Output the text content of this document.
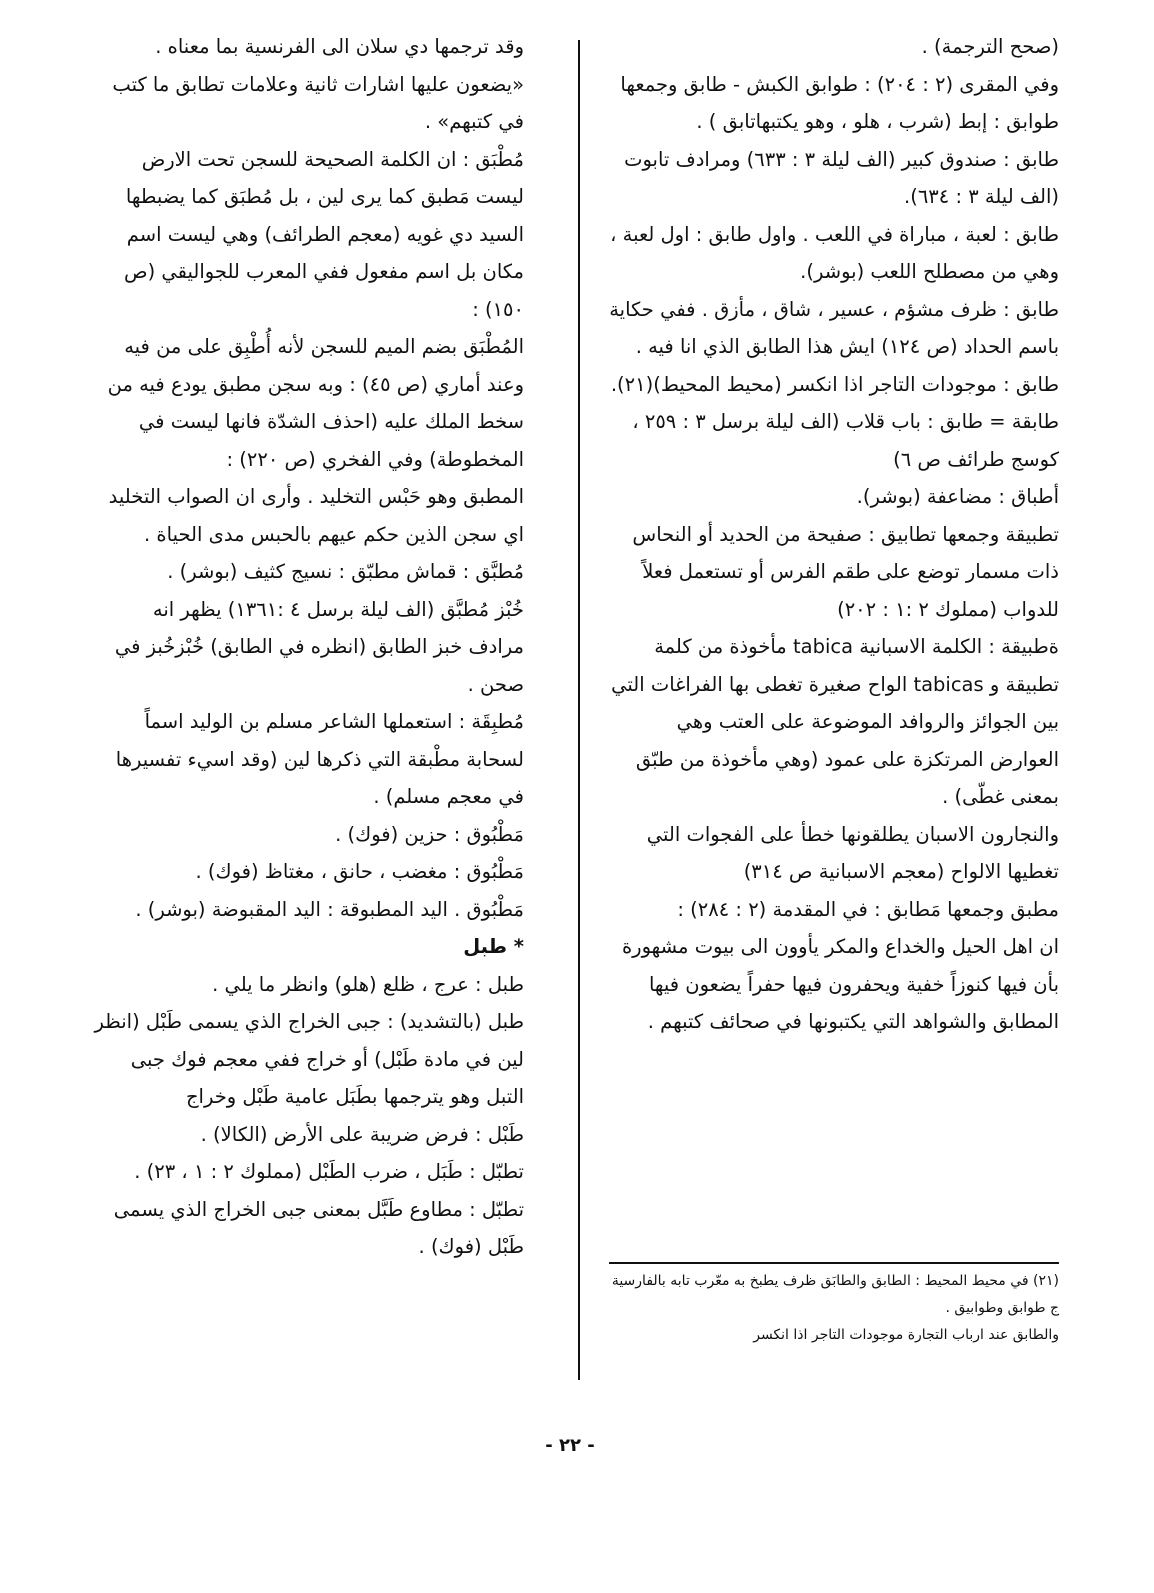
(صحح الترجمة) .

وفي المقرى (٢ : ٢٠٤) : طوابق الكبش - طابق وجمعها طوابق : إبط (شرب ، هلو ، وهو يكتبهاتابق ) .

طابق : صندوق كبير (الف ليلة ٣ : ٦٣٣) ومرادف تابوت (الف ليلة ٣ : ٦٣٤).

طابق : لعبة ، مباراة في اللعب . واول طابق : اول لعبة ، وهي من مصطلح اللعب (بوشر).

طابق : ظرف مشؤم ، عسير ، شاق ، مأزق . ففي حكاية باسم الحداد (ص ١٢٤) ايش هذا الطابق الذي انا فيه .

طابق : موجودات التاجر اذا انكسر (محيط المحيط)(٢١).

طابقة = طابق : باب قلاب (الف ليلة برسل ٣ : ٢٥٩ ، كوسج طرائف ص ٦)

أطباق : مضاعفة (بوشر).

تطبيقة وجمعها تطابيق : صفيحة من الحديد أو النحاس ذات مسمار توضع على طقم الفرس أو تستعمل فعلاً للدواب (مملوك ٢ :١ : ٢٠٢)

ةطبيقة : الكلمة الاسبانية tabica مأخوذة من كلمة تطبيقة و tabicas الواح صغيرة تغطى بها الفراغات التي بين الجوائز والروافد الموضوعة على العتب وهي العوارض المرتكزة على عمود (وهي مأخوذة من طبّق بمعنى غطّى) .

والنجارون الاسبان يطلقونها خطأ على الفجوات التي تغطيها الالواح (معجم الاسبانية ص ٣١٤)

مطبق وجمعها مَطابق : في المقدمة (٢ : ٢٨٤) :

ان اهل الحيل والخداع والمكر يأوون الى بيوت مشهورة بأن فيها كنوزاً خفية ويحفرون فيها حفراً يضعون فيها المطابق والشواهد التي يكتبونها في صحائف كتبهم .

وقد ترجمها دي سلان الى الفرنسية بما معناه . «يضعون عليها اشارات ثانية وعلامات تطابق ما كتب في كتبهم» .

مُطْبَق : ان الكلمة الصحيحة للسجن تحت الارض ليست مَطبق كما يرى لين ، بل مُطبَق كما يضبطها السيد دي غويه (معجم الطرائف) وهي ليست اسم مكان بل اسم مفعول ففي المعرب للجواليقي (ص ١٥٠) :

المُطْبَق بضم الميم للسجن لأنه أُطْبِق على من فيه وعند أماري (ص ٤٥) : وبه سجن مطبق يودع فيه من سخط الملك عليه (احذف الشدّة فانها ليست في المخطوطة) وفي الفخري (ص ٢٢٠) :

المطبق وهو حَبْس التخليد . وأرى ان الصواب التخليد اي سجن الذين حكم عيهم بالحبس مدى الحياة .

مُطبَّق : قماش مطبّق : نسيج كثيف (بوشر) .

خُبْز مُطبَّق (الف ليلة برسل ٤ :١٣٦١) يظهر انه مرادف خبز الطابق (انظره في الطابق) خُبْزخُبز في صحن .

مُطبِقَة : استعملها الشاعر مسلم بن الوليد اسماً لسحابة مطْبقة التي ذكرها لين (وقد اسيء تفسيرها في معجم مسلم) .

مَطْبُوق : حزين (فوك) .

مَطْبُوق : مغضب ، حانق ، مغتاظ (فوك) .

مَطْبُوق . اليد المطبوقة : اليد المقبوضة (بوشر) .

* طبل

طبل : عرج ، ظلع (هلو) وانظر ما يلي .

طبل (بالتشديد) : جبى الخراج الذي يسمى طَبْل (انظر لين في مادة طَبْل) أو خراج ففي معجم فوك جبى التبل وهو يترجمها بطَبَل عامية طَبْل وخراج

طَبْل : فرض ضريبة على الأرض (الكالا) .

تطبّل : طَبَل ، ضرب الطَبْل (مملوك ٢ : ١ ، ٢٣) .

تطبّل : مطاوع طَبَّل بمعنى جبى الخراج الذي يسمى طَبْل (فوك) .

(٢١) في محيط المحيط : الطابق والطابَق ظرف يطبخ به معّرب تابه بالفارسية ج طوابق وطوابيق .

والطابق عند ارباب التجارة موجودات التاجر اذا انكسر

- ٢٢ -
